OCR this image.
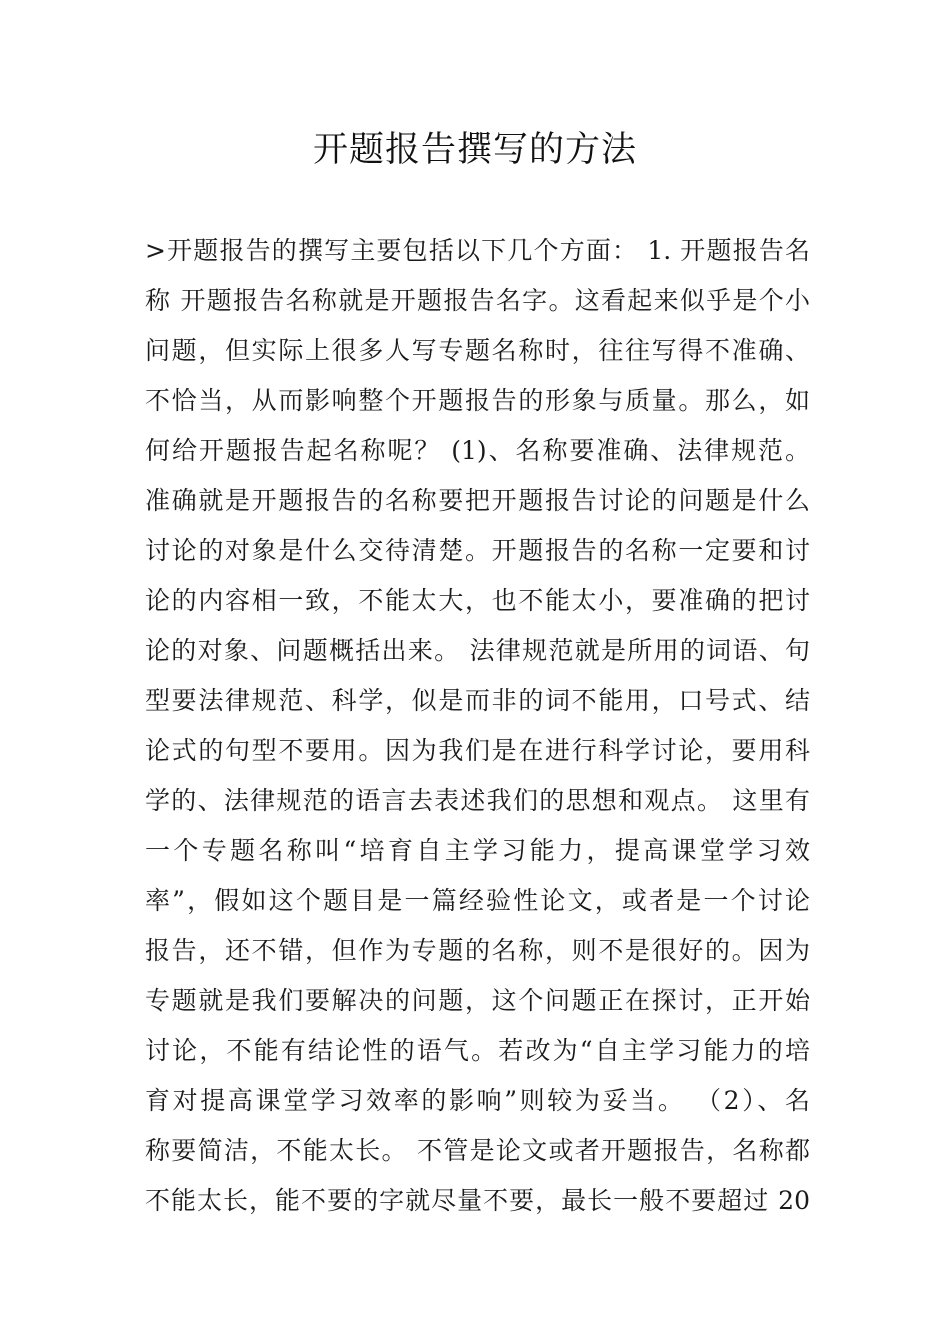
开题报告撰写的方法
>开题报告的撰写主要包括以下几个方面： 1. 开题报告名
称 开题报告名称就是开题报告名字。这看起来似乎是个小
问题，但实际上很多人写专题名称时，往往写得不准确、
不恰当，从而影响整个开题报告的形象与质量。那么，如
何给开题报告起名称呢？ (1)、名称要准确、法律规范。
准确就是开题报告的名称要把开题报告讨论的问题是什么
讨论的对象是什么交待清楚。开题报告的名称一定要和讨
论的内容相一致，不能太大，也不能太小，要准确的把讨
论的对象、问题概括出来。 法律规范就是所用的词语、句
型要法律规范、科学，似是而非的词不能用，口号式、结
论式的句型不要用。因为我们是在进行科学讨论，要用科
学的、法律规范的语言去表述我们的思想和观点。 这里有
一个专题名称叫“培育自主学习能力，提高课堂学习效
率”，假如这个题目是一篇经验性论文，或者是一个讨论
报告，还不错，但作为专题的名称，则不是很好的。因为
专题就是我们要解决的问题，这个问题正在探讨，正开始
讨论，不能有结论性的语气。若改为“自主学习能力的培
育对提高课堂学习效率的影响”则较为妥当。 （2）、名
称要简洁，不能太长。 不管是论文或者开题报告，名称都
不能太长，能不要的字就尽量不要，最长一般不要超过 20
